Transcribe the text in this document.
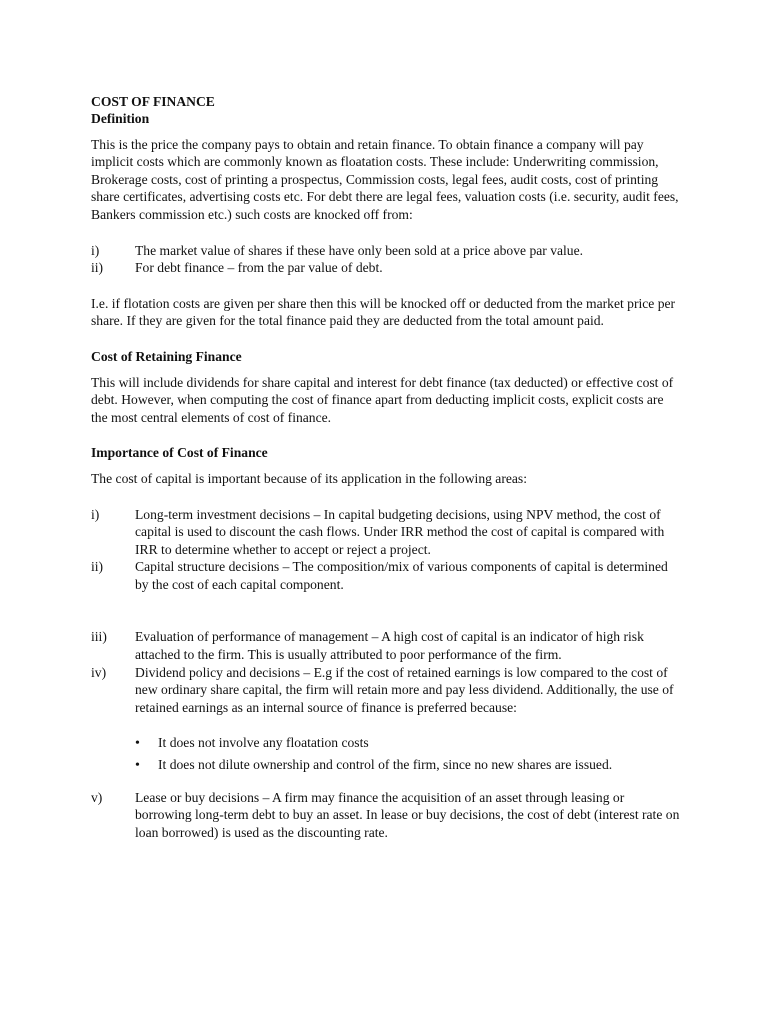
COST OF FINANCE
Definition

This is the price the company pays to obtain and retain finance. To obtain finance a company will pay implicit costs which are commonly known as floatation costs. These include: Underwriting commission, Brokerage costs, cost of printing a prospectus, Commission costs, legal fees, audit costs, cost of printing share certificates, advertising costs etc. For debt there are legal fees, valuation costs (i.e. security, audit fees, Bankers commission etc.) such costs are knocked off from:

i)	The market value of shares if these have only been sold at a price above par value.
ii)	For debt finance – from the par value of debt.

I.e. if flotation costs are given per share then this will be knocked off or deducted from the market price per share. If they are given for the total finance paid they are deducted from the total amount paid.

Cost of Retaining Finance

This will include dividends for share capital and interest for debt finance (tax deducted) or effective cost of debt. However, when computing the cost of finance apart from deducting implicit costs, explicit costs are the most central elements of cost of finance.

Importance of Cost of Finance

The cost of capital is important because of its application in the following areas:

i)	Long-term investment decisions – In capital budgeting decisions, using NPV method, the cost of capital is used to discount the cash flows. Under IRR method the cost of capital is compared with IRR to determine whether to accept or reject a project.
ii)	Capital structure decisions – The composition/mix of various components of capital is determined by the cost of each capital component.
iii)	Evaluation of performance of management – A high cost of capital is an indicator of high risk attached to the firm. This is usually attributed to poor performance of the firm.
iv)	Dividend policy and decisions – E.g if the cost of retained earnings is low compared to the cost of new ordinary share capital, the firm will retain more and pay less dividend. Additionally, the use of retained earnings as an internal source of finance is preferred because:
•
It does not involve any floatation costs
•
It does not dilute ownership and control of the firm, since no new shares are issued.
v)	Lease or buy decisions – A firm may finance the acquisition of an asset through leasing or borrowing long-term debt to buy an asset. In lease or buy decisions, the cost of debt (interest rate on loan borrowed) is used as the discounting rate.
